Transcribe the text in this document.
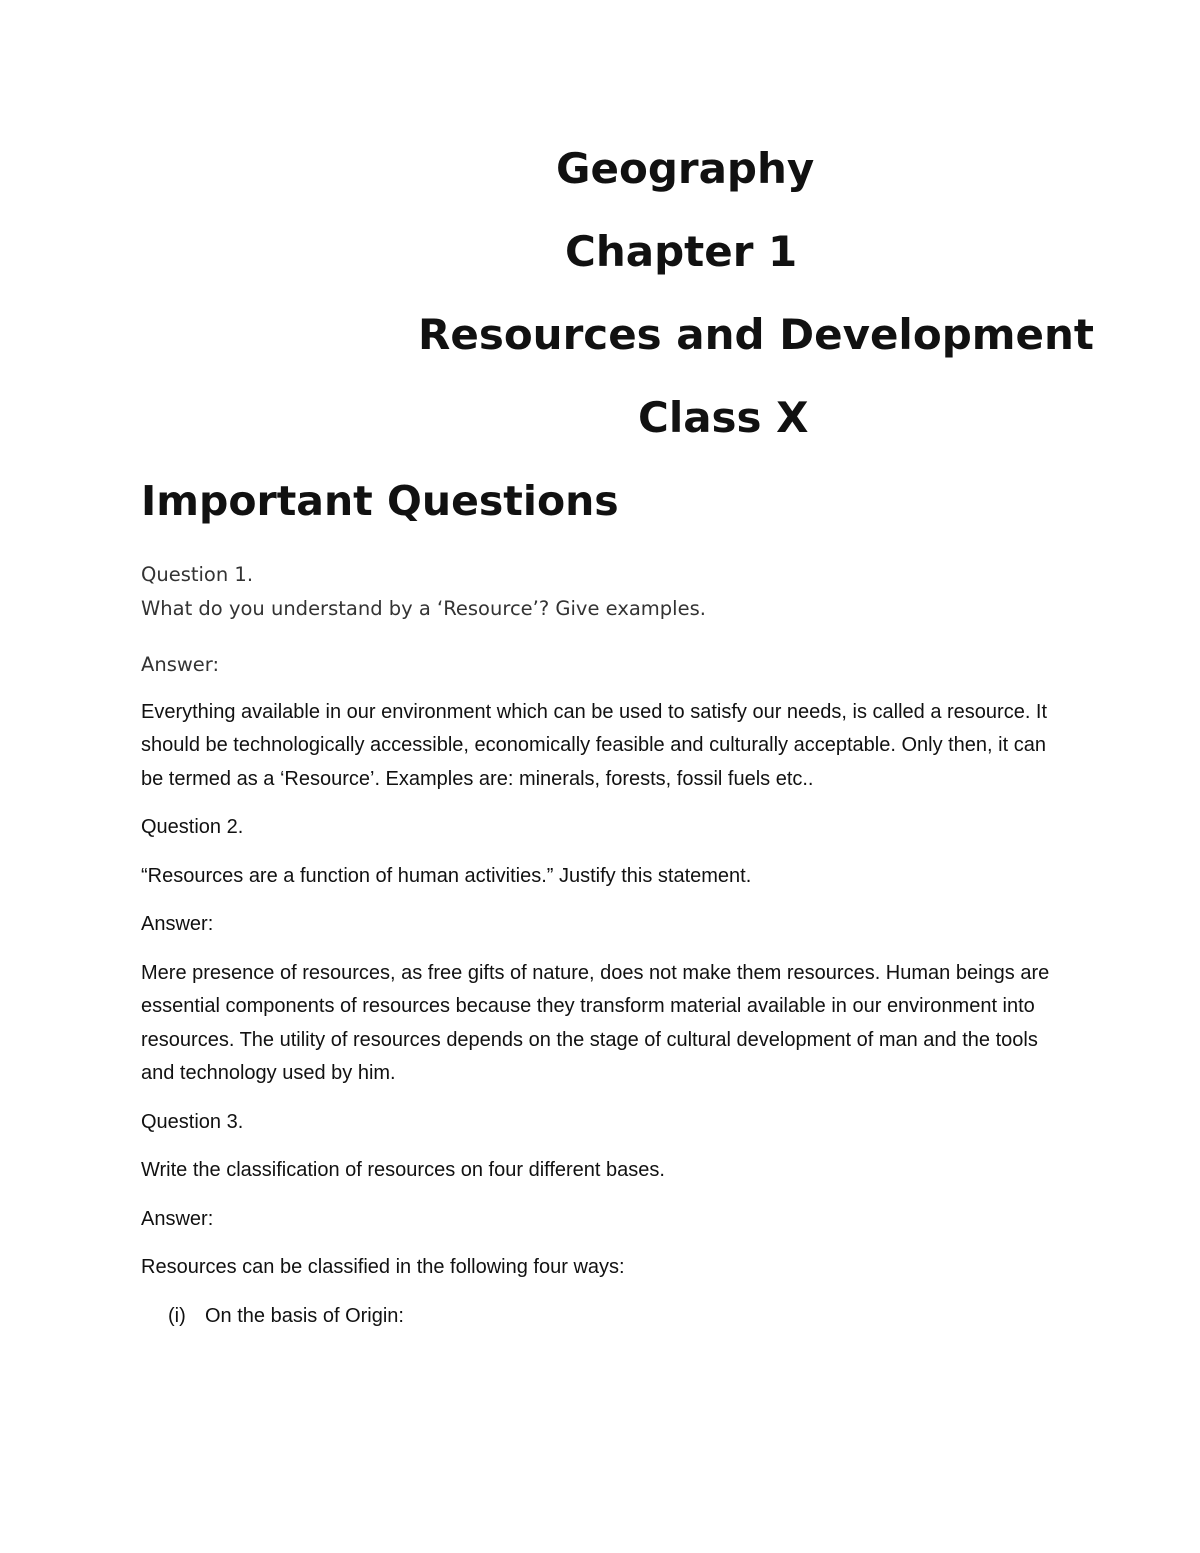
Geography

Chapter 1

Resources and Development

Class X

Important Questions

Question 1.

What do you understand by a ‘Resource’? Give examples.

Answer:

Everything available in our environment which can be used to satisfy our needs, is called a resource. It should be technologically accessible, economically feasible and culturally acceptable. Only then, it can be termed as a ‘Resource’. Examples are: minerals, forests, fossil fuels etc..

Question 2.

“Resources are a function of human activities.” Justify this statement.

Answer:

Mere presence of resources, as free gifts of nature, does not make them resources. Human beings are essential components of resources because they transform material available in our environment into resources. The utility of resources depends on the stage of cultural development of man and the tools and technology used by him.

Question 3.

Write the classification of resources on four different bases.

Answer:

Resources can be classified in the following four ways:

(i) On the basis of Origin:
